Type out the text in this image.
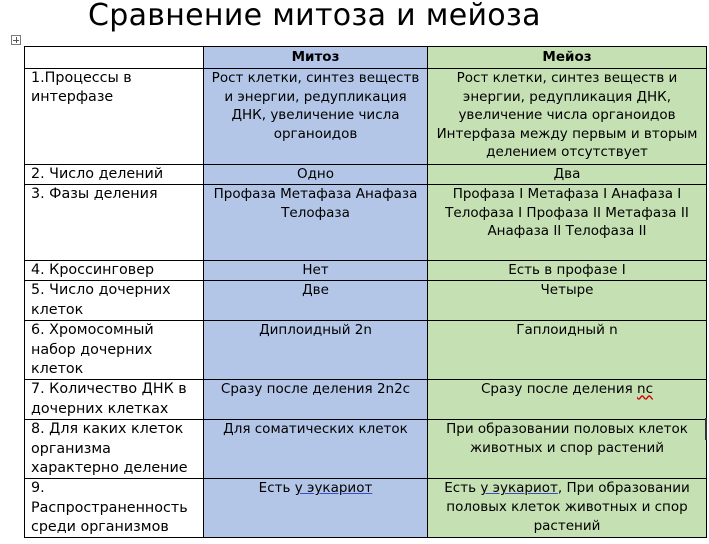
Сравнение митоза и мейоза
	Митоз	Мейоз
1.Процессы в интерфазе	Рост клетки, синтез веществ и энергии, редупликация ДНК, увеличение числа органоидов	Рост клетки, синтез веществ и энергии, редупликация ДНК, увеличение числа органоидов Интерфаза между первым и вторым делением отсутствует
2. Число делений	Одно	Два
3. Фазы деления	Профаза Метафаза Анафаза Телофаза	Профаза I Метафаза I Анафаза I Телофаза I Профаза II Метафаза II Анафаза II Телофаза II
4. Кроссинговер	Нет	Есть в профазе I
5. Число дочерних клеток	Две	Четыре
6. Хромосомный набор дочерних клеток	Диплоидный 2n	Гаплоидный n
7. Количество ДНК в дочерних клетках	Сразу после деления 2n2c	Сразу после деления nc
8. Для каких клеток организма характерно деление	Для соматических клеток	При образовании половых клеток животных и спор растений
9. Распространенность среди организмов	Есть у эукариот	Есть у эукариот, При образовании половых клеток животных и спор растений
